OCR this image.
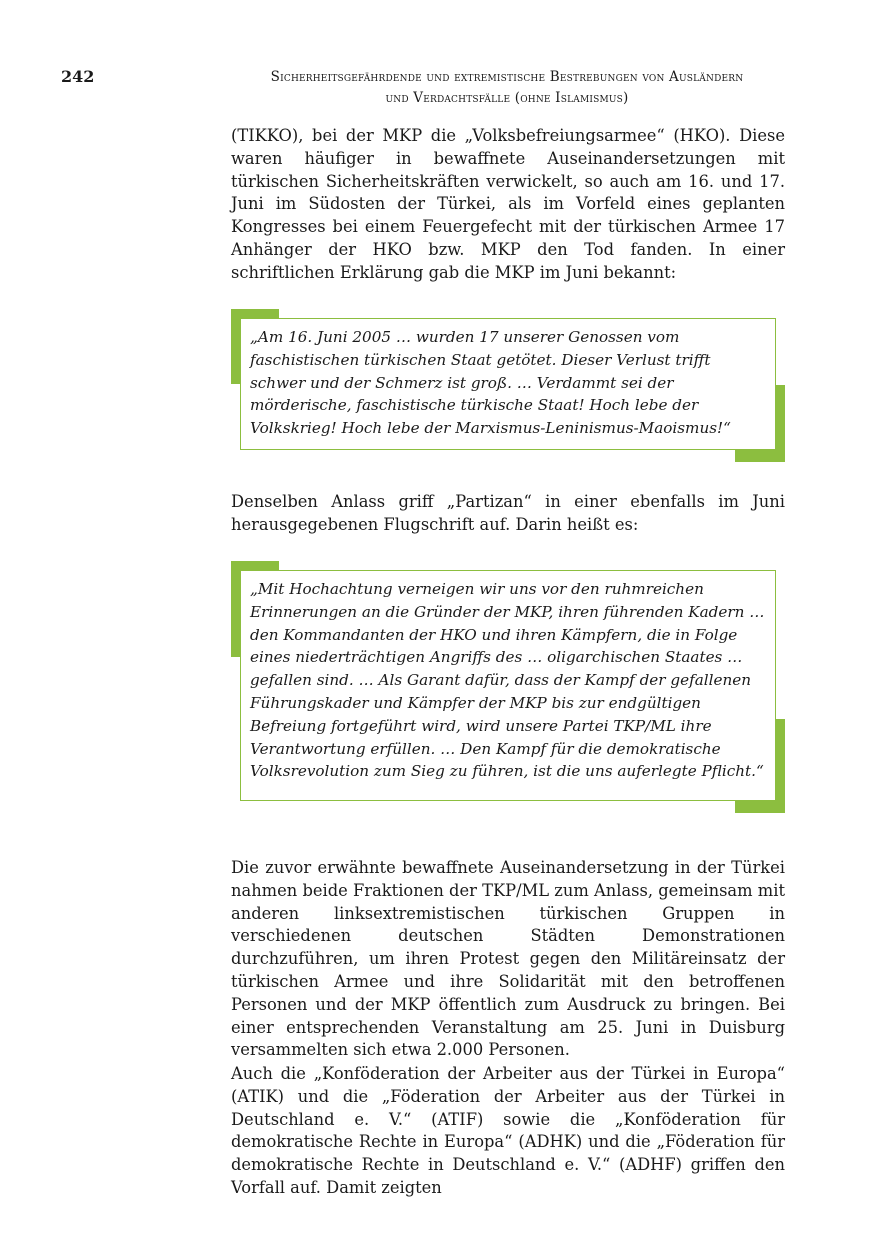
242	Sicherheitsgefährdende und extremistische Bestrebungen von Ausländern
und Verdachtsfälle (ohne Islamismus)

(TIKKO), bei der MKP die „Volksbefreiungsarmee“ (HKO). Diese waren häufiger in bewaffnete Auseinandersetzungen mit türkischen Sicherheitskräften verwickelt, so auch am 16. und 17. Juni im Südosten der Türkei, als im Vorfeld eines geplanten Kongresses bei einem Feuergefecht mit der türkischen Armee 17 Anhänger der HKO bzw. MKP den Tod fanden. In einer schriftlichen Erklärung gab die MKP im Juni bekannt:

„Am 16. Juni 2005 … wurden 17 unserer Genossen vom faschistischen türkischen Staat getötet. Dieser Verlust trifft schwer und der Schmerz ist groß. … Verdammt sei der mörderische, faschistische türkische Staat! Hoch lebe der Volkskrieg! Hoch lebe der Marxismus-Leninismus-Maoismus!“

Denselben Anlass griff „Partizan“ in einer ebenfalls im Juni herausgegebenen Flugschrift auf. Darin heißt es:

„Mit Hochachtung verneigen wir uns vor den ruhmreichen Erinnerungen an die Gründer der MKP, ihren führenden Kadern … den Kommandanten der HKO und ihren Kämpfern, die in Folge eines niederträchtigen Angriffs des … oligarchischen Staates … gefallen sind. … Als Garant dafür, dass der Kampf der gefallenen Führungskader und Kämpfer der MKP bis zur endgültigen Befreiung fortgeführt wird, wird unsere Partei TKP/ML ihre Verantwortung erfüllen. … Den Kampf für die demokratische Volksrevolution zum Sieg zu führen, ist die uns auferlegte Pflicht.“

Die zuvor erwähnte bewaffnete Auseinandersetzung in der Türkei nahmen beide Fraktionen der TKP/ML zum Anlass, gemeinsam mit anderen linksextremistischen türkischen Gruppen in verschiedenen deutschen Städten Demonstrationen durchzuführen, um ihren Protest gegen den Militäreinsatz der türkischen Armee und ihre Solidarität mit den betroffenen Personen und der MKP öffentlich zum Ausdruck zu bringen. Bei einer entsprechenden Veranstaltung am 25. Juni in Duisburg versammelten sich etwa 2.000 Personen.

Auch die „Konföderation der Arbeiter aus der Türkei in Europa“ (ATIK) und die „Föderation der Arbeiter aus der Türkei in Deutschland e. V.“ (ATIF) sowie die „Konföderation für demokratische Rechte in Europa“ (ADHK) und die „Föderation für demokratische Rechte in Deutschland e. V.“ (ADHF) griffen den Vorfall auf. Damit zeigten
